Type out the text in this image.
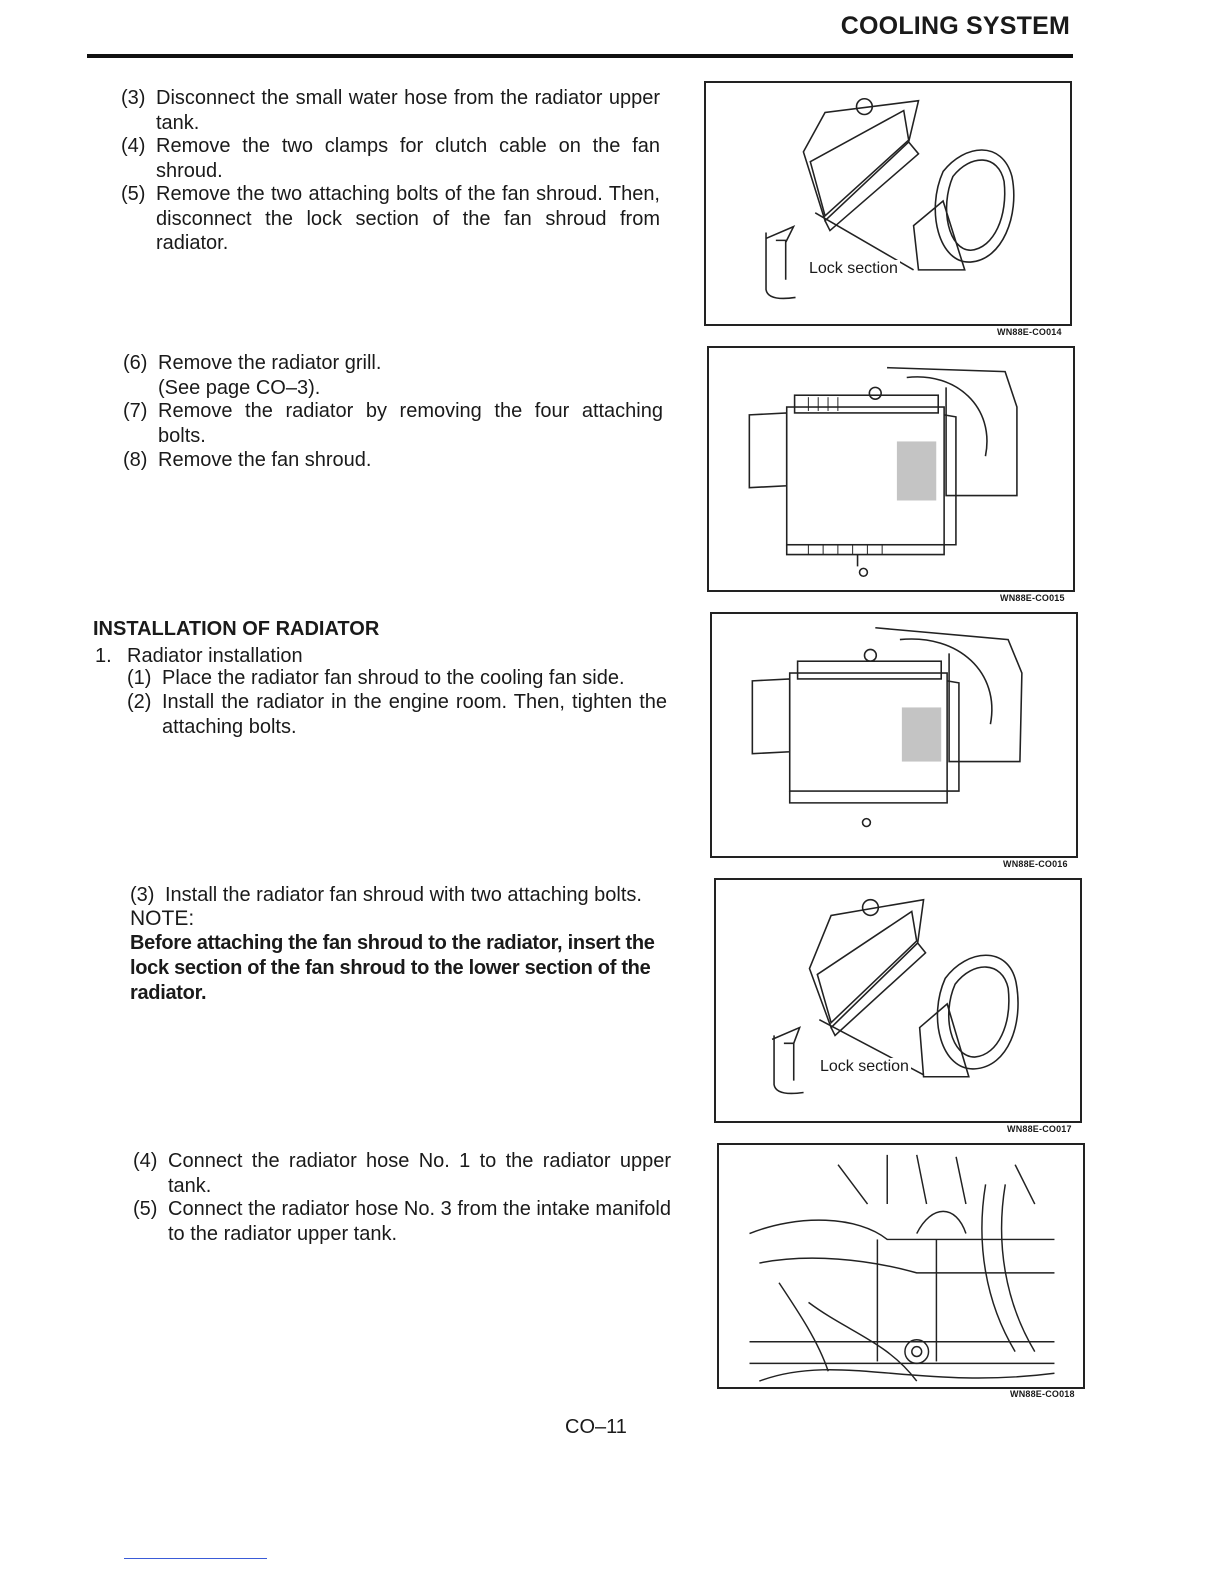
COOLING SYSTEM
(3) Disconnect the small water hose from the radiator upper tank.
(4) Remove the two clamps for clutch cable on the fan shroud.
(5) Remove the two attaching bolts of the fan shroud. Then, disconnect the lock section of the fan shroud from radiator.
(6) Remove the radiator grill.
(See page CO–3).
(7) Remove the radiator by removing the four attaching bolts.
(8) Remove the fan shroud.
INSTALLATION OF RADIATOR
1. Radiator installation
(1) Place the radiator fan shroud to the cooling fan side.
(2) Install the radiator in the engine room. Then, tighten the attaching bolts.
(3) Install the radiator fan shroud with two attaching bolts.
NOTE:
Before attaching the fan shroud to the radiator, insert the lock section of the fan shroud to the lower section of the radiator.
(4) Connect the radiator hose No. 1 to the radiator upper tank.
(5) Connect the radiator hose No. 3 from the intake manifold to the radiator upper tank.
Lock section
WN88E-CO014
WN88E-CO015
WN88E-CO016
Lock section
WN88E-CO017
WN88E-CO018
CO–11
